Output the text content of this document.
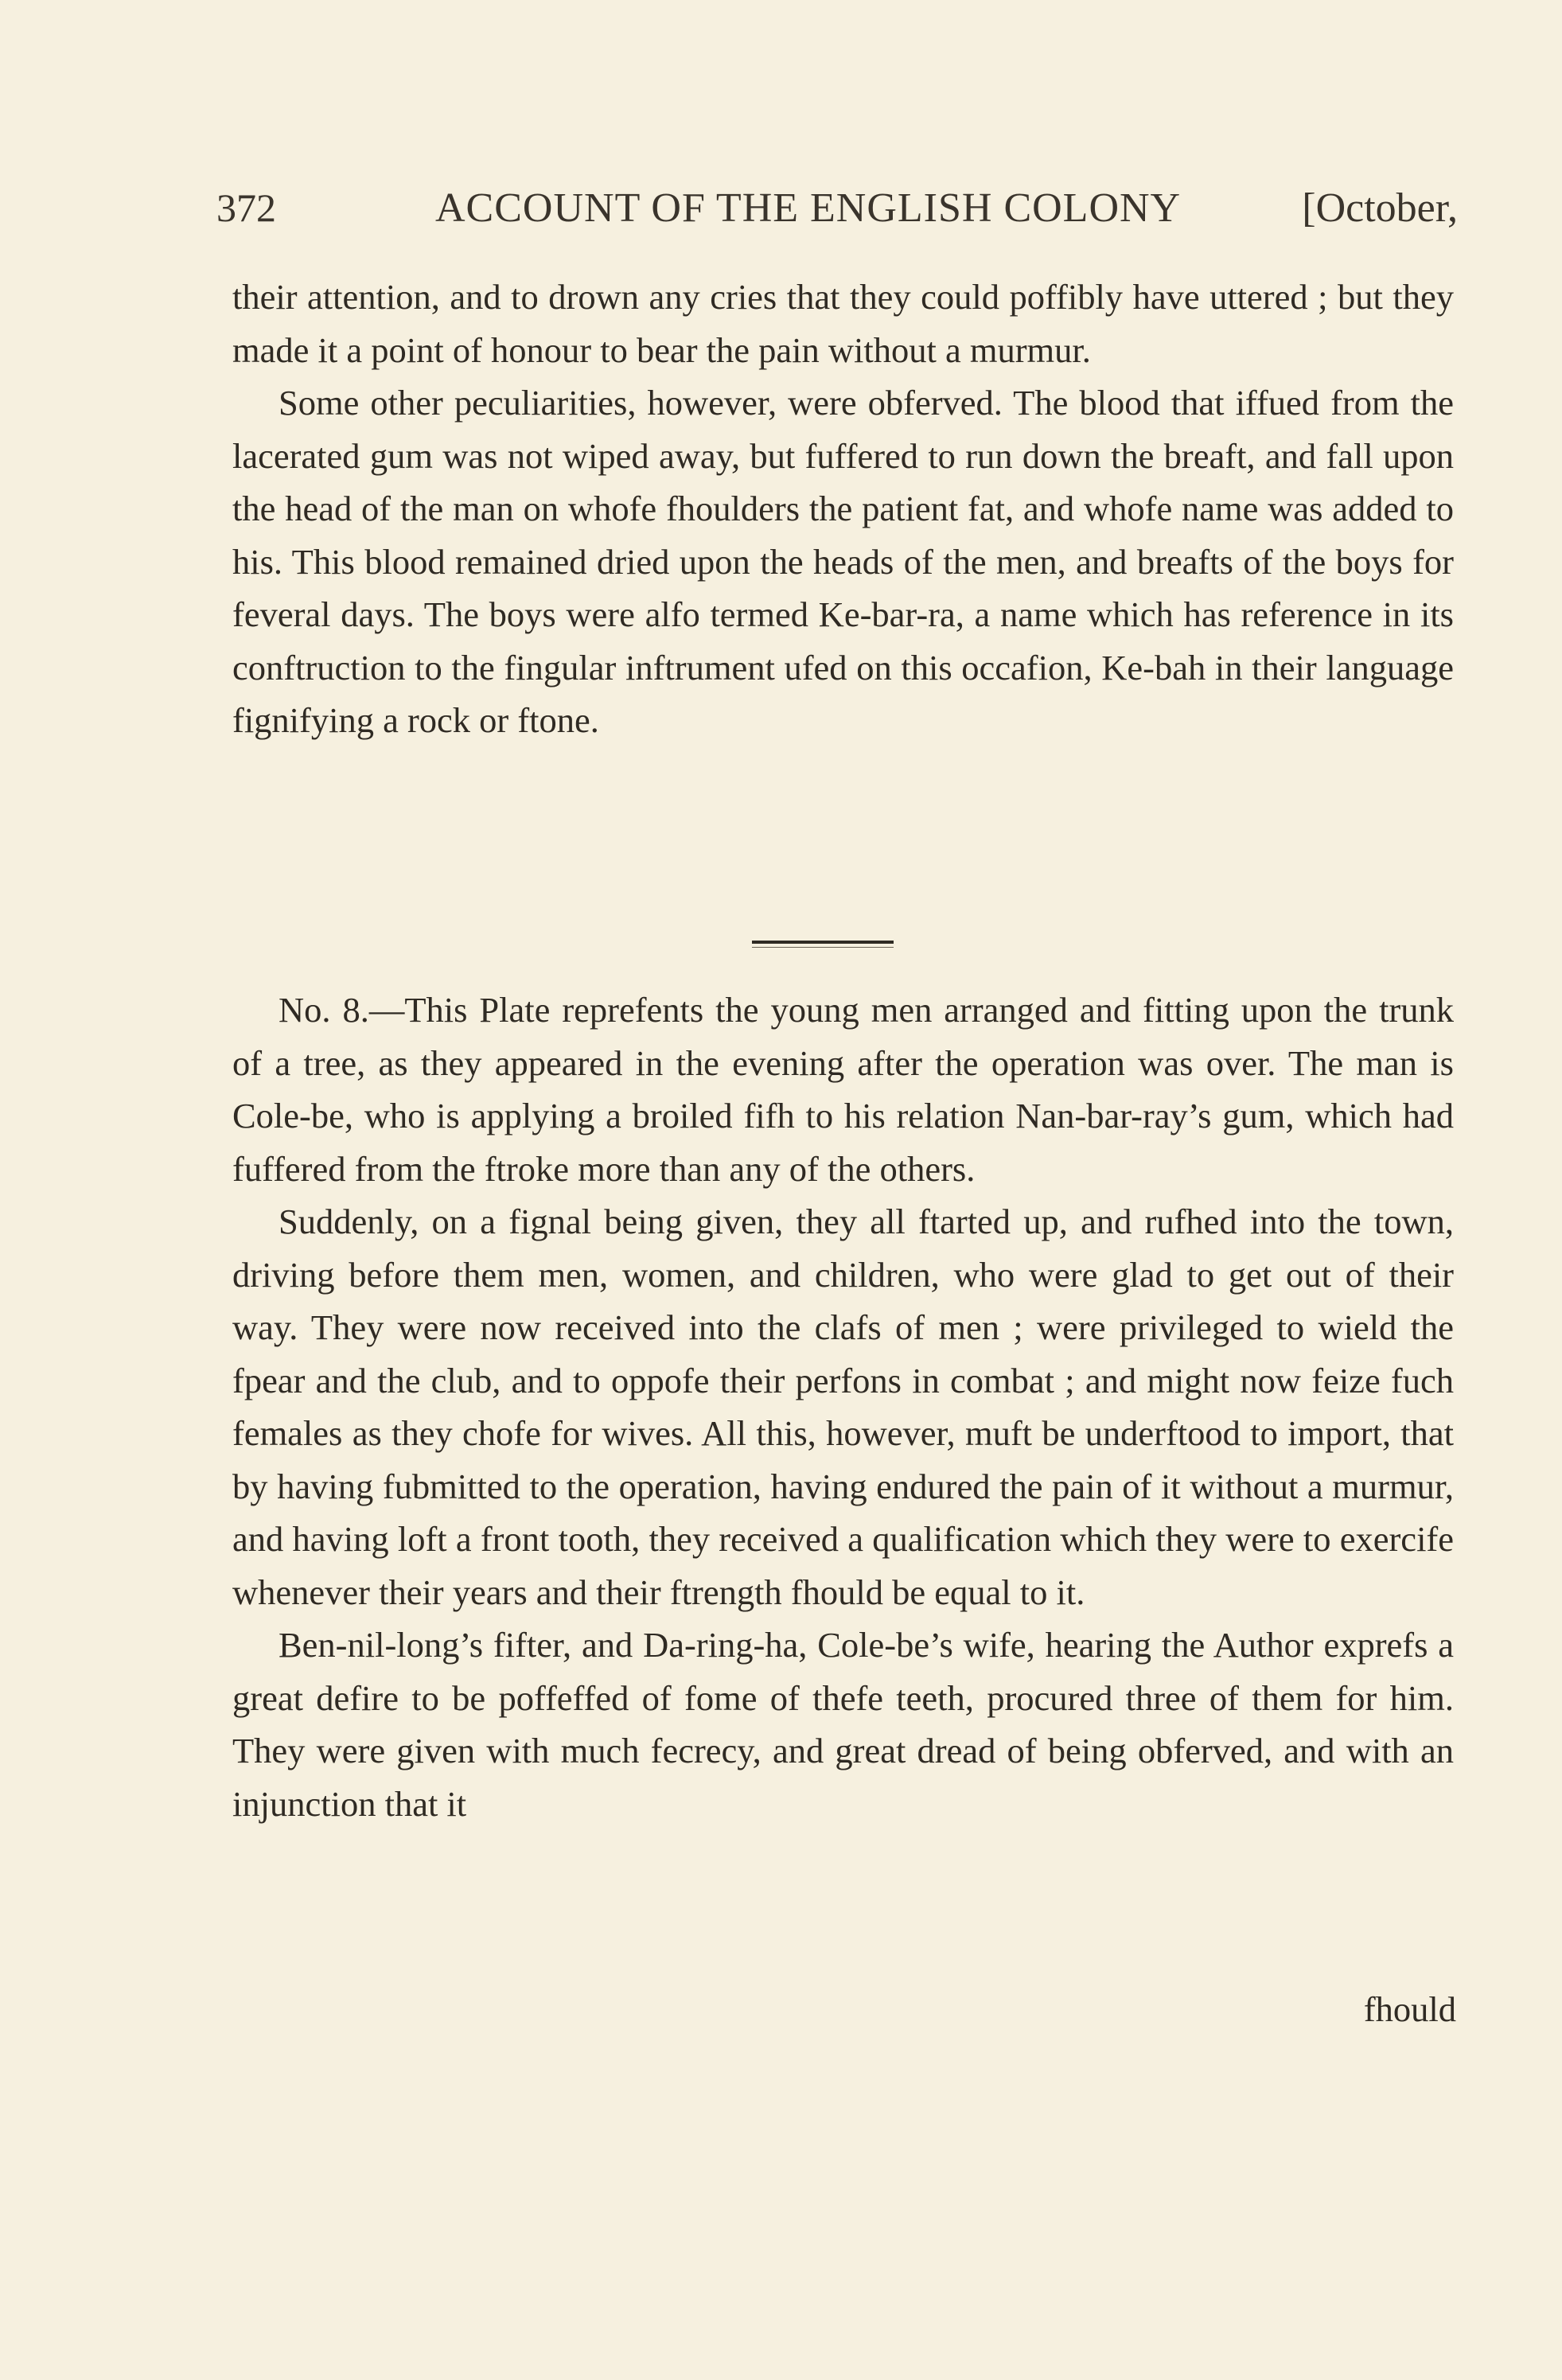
372	ACCOUNT OF THE ENGLISH COLONY	[October,

their attention, and to drown any cries that they could poffibly have uttered ; but they made it a point of honour to bear the pain without a murmur.

Some other peculiarities, however, were obferved. The blood that iffued from the lacerated gum was not wiped away, but fuffered to run down the breaft, and fall upon the head of the man on whofe fhoulders the patient fat, and whofe name was added to his. This blood remained dried upon the heads of the men, and breafts of the boys for feveral days. The boys were alfo termed Ke-bar-ra, a name which has reference in its conftruction to the fingular inftrument ufed on this occafion, Ke-bah in their language fignifying a rock or ftone.

No. 8.—This Plate reprefents the young men arranged and fitting upon the trunk of a tree, as they appeared in the evening after the operation was over. The man is Cole-be, who is applying a broiled fifh to his relation Nan-bar-ray’s gum, which had fuffered from the ftroke more than any of the others.

Suddenly, on a fignal being given, they all ftarted up, and rufhed into the town, driving before them men, women, and children, who were glad to get out of their way. They were now received into the clafs of men ; were privileged to wield the fpear and the club, and to oppofe their perfons in combat ; and might now feize fuch females as they chofe for wives. All this, however, muft be underftood to import, that by having fubmitted to the operation, having endured the pain of it without a murmur, and having loft a front tooth, they received a qualification which they were to exercife whenever their years and their ftrength fhould be equal to it.

Ben-nil-long’s fifter, and Da-ring-ha, Cole-be’s wife, hearing the Author exprefs a great defire to be poffeffed of fome of thefe teeth, procured three of them for him. They were given with much fecrecy, and great dread of being obferved, and with an injunction that it

fhould
